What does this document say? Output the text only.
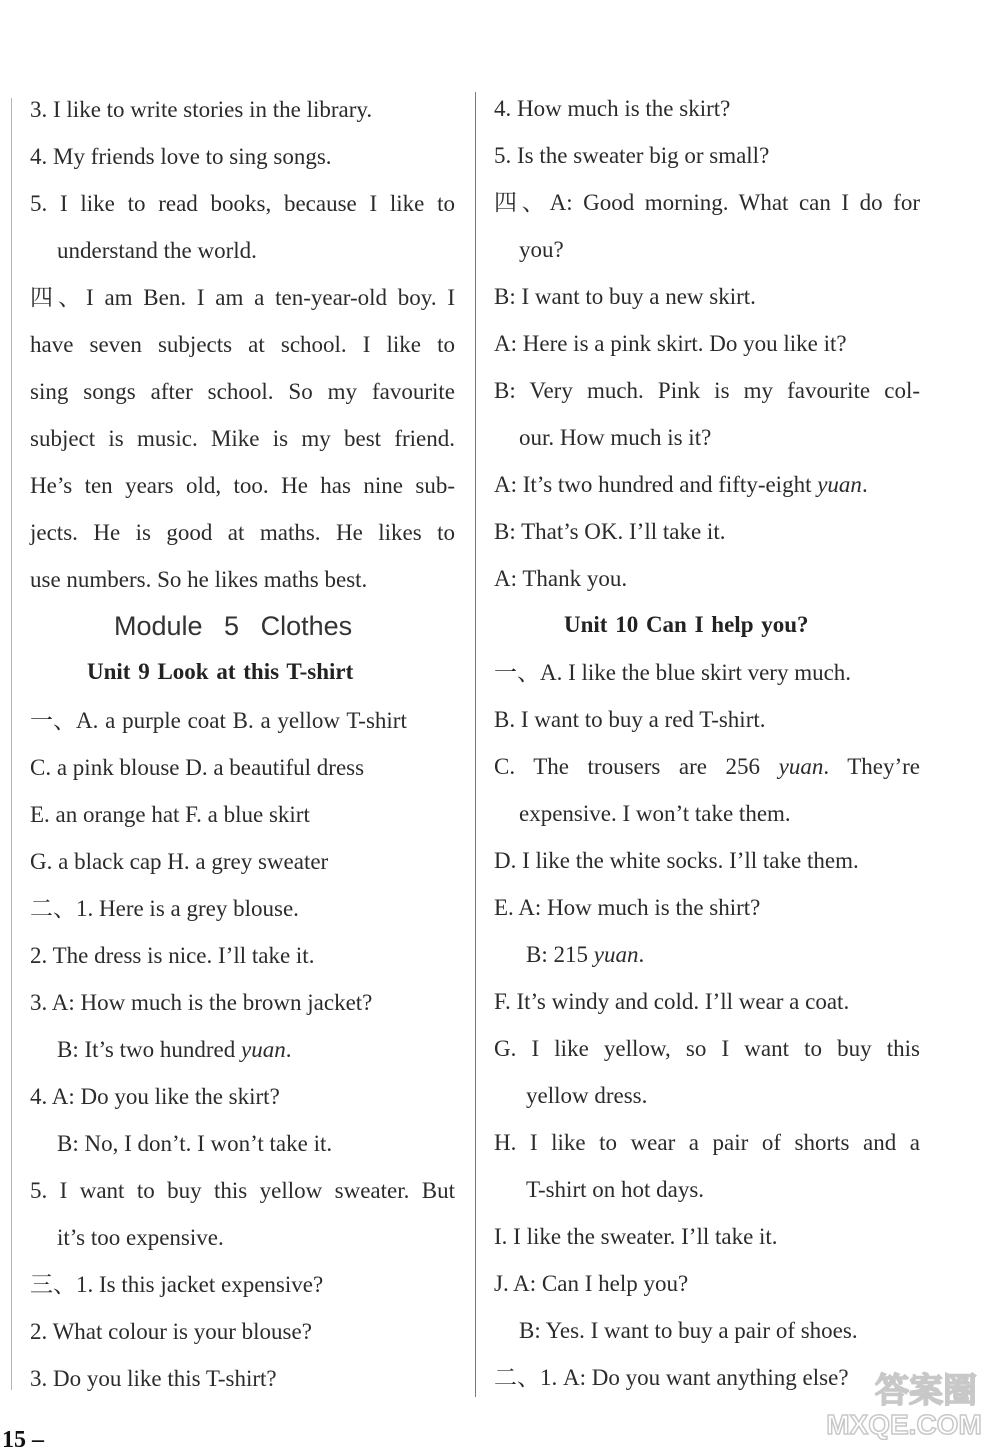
3. I like to write stories in the library.
4. My friends love to sing songs.
5. I like to read books, because I like to
understand the world.
四、I am Ben. I am a ten-year-old boy. I
have seven subjects at school. I like to
sing songs after school. So my favourite
subject is music. Mike is my best friend.
He’s ten years old, too. He has nine sub-
jects. He is good at maths. He likes to
use numbers. So he likes maths best.
Module 5 Clothes
Unit 9 Look at this T-shirt
一、A. a purple coat B. a yellow T-shirt
C. a pink blouse D. a beautiful dress
E. an orange hat F. a blue skirt
G. a black cap H. a grey sweater
二、1. Here is a grey blouse.
2. The dress is nice. I’ll take it.
3. A: How much is the brown jacket?
B: It’s two hundred yuan.
4. A: Do you like the skirt?
B: No, I don’t. I won’t take it.
5. I want to buy this yellow sweater. But
it’s too expensive.
三、1. Is this jacket expensive?
2. What colour is your blouse?
3. Do you like this T-shirt?
4. How much is the skirt?
5. Is the sweater big or small?
四、A: Good morning. What can I do for
you?
B: I want to buy a new skirt.
A: Here is a pink skirt. Do you like it?
B: Very much. Pink is my favourite col-
our. How much is it?
A: It’s two hundred and fifty-eight yuan.
B: That’s OK. I’ll take it.
A: Thank you.
Unit 10 Can I help you?
一、A. I like the blue skirt very much.
B. I want to buy a red T-shirt.
C. The trousers are 256 yuan. They’re
expensive. I won’t take them.
D. I like the white socks. I’ll take them.
E. A: How much is the shirt?
B: 215 yuan.
F. It’s windy and cold. I’ll wear a coat.
G. I like yellow, so I want to buy this
yellow dress.
H. I like to wear a pair of shorts and a
T-shirt on hot days.
I. I like the sweater. I’ll take it.
J. A: Can I help you?
B: Yes. I want to buy a pair of shoes.
二、1. A: Do you want anything else?
15 –
答案圈
MXQE.COM
